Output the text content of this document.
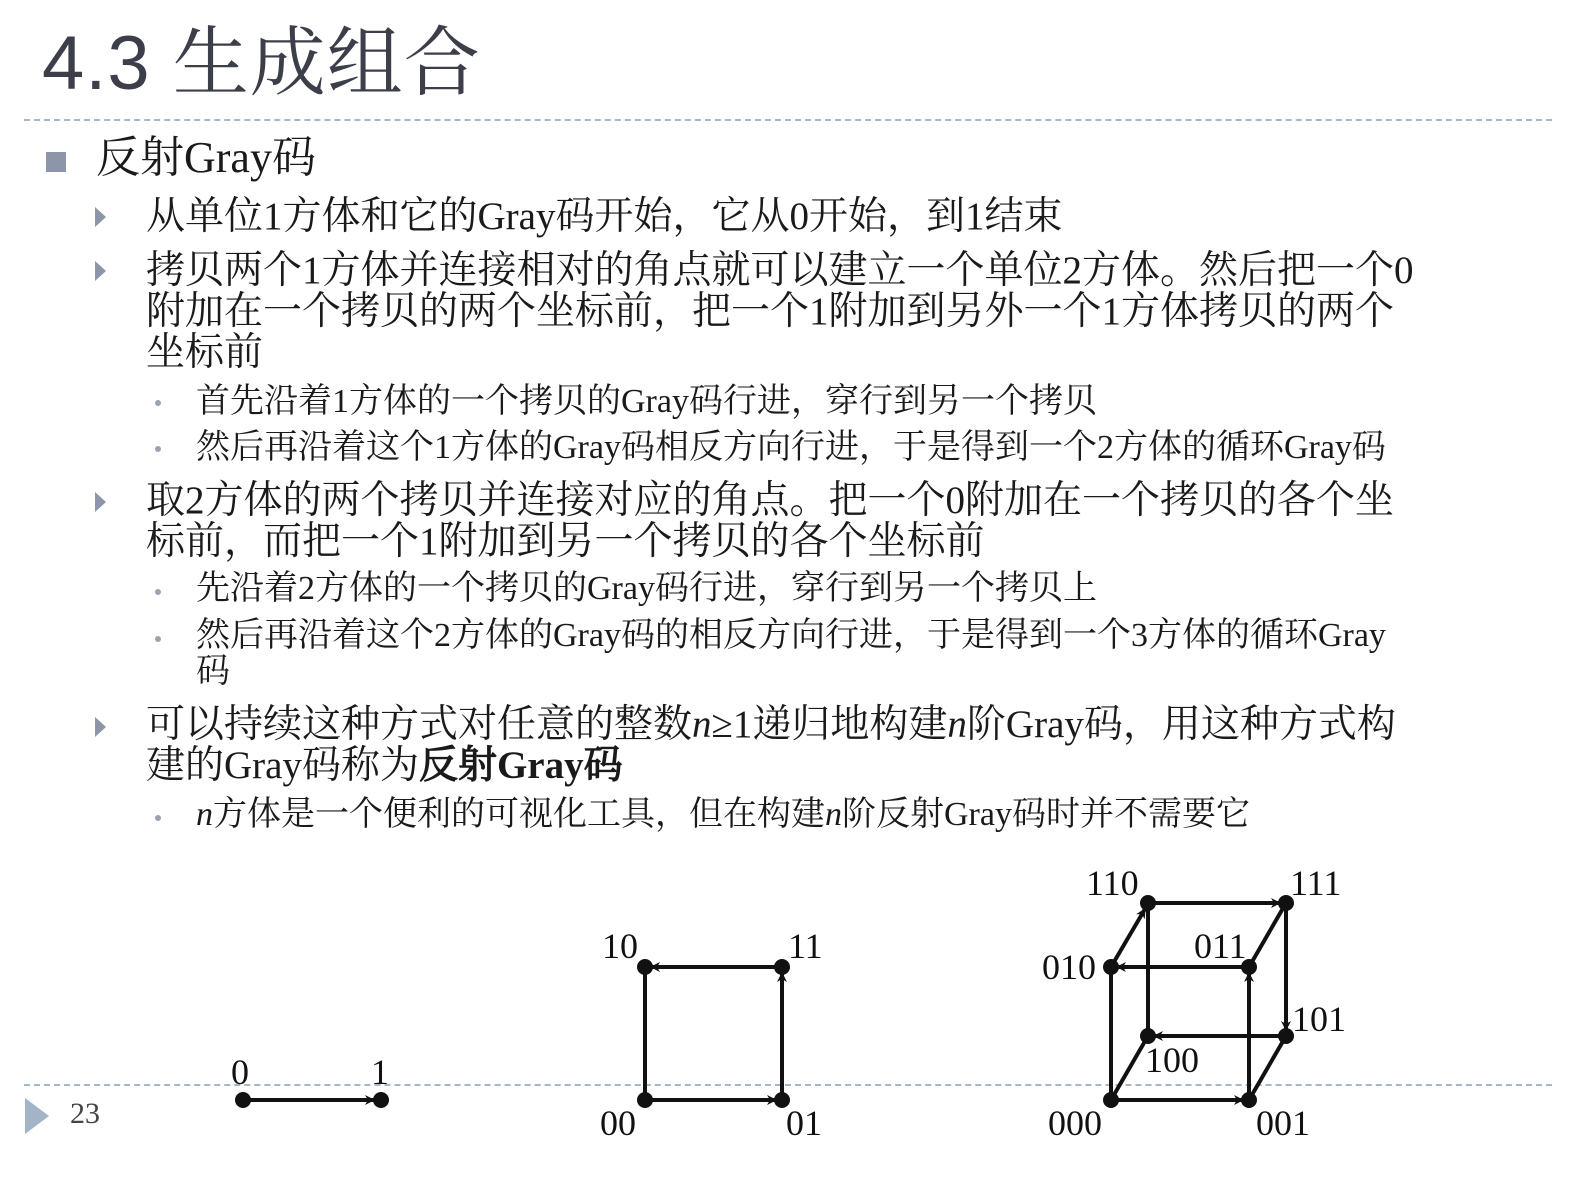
4.3 生成组合
反射Gray码
从单位1方体和它的Gray码开始，它从0开始，到1结束
拷贝两个1方体并连接相对的角点就可以建立一个单位2方体。然后把一个0
附加在一个拷贝的两个坐标前，把一个1附加到另外一个1方体拷贝的两个
坐标前
首先沿着1方体的一个拷贝的Gray码行进，穿行到另一个拷贝
然后再沿着这个1方体的Gray码相反方向行进，于是得到一个2方体的循环Gray码
取2方体的两个拷贝并连接对应的角点。把一个0附加在一个拷贝的各个坐
标前，而把一个1附加到另一个拷贝的各个坐标前
先沿着2方体的一个拷贝的Gray码行进，穿行到另一个拷贝上
然后再沿着这个2方体的Gray码的相反方向行进，于是得到一个3方体的循环Gray
码
可以持续这种方式对任意的整数n≥1递归地构建n阶Gray码，用这种方式构
建的Gray码称为反射Gray码
n方体是一个便利的可视化工具，但在构建n阶反射Gray码时并不需要它
0	1
10	11
00	01
110	111
010
011
101
100
000	001
23
